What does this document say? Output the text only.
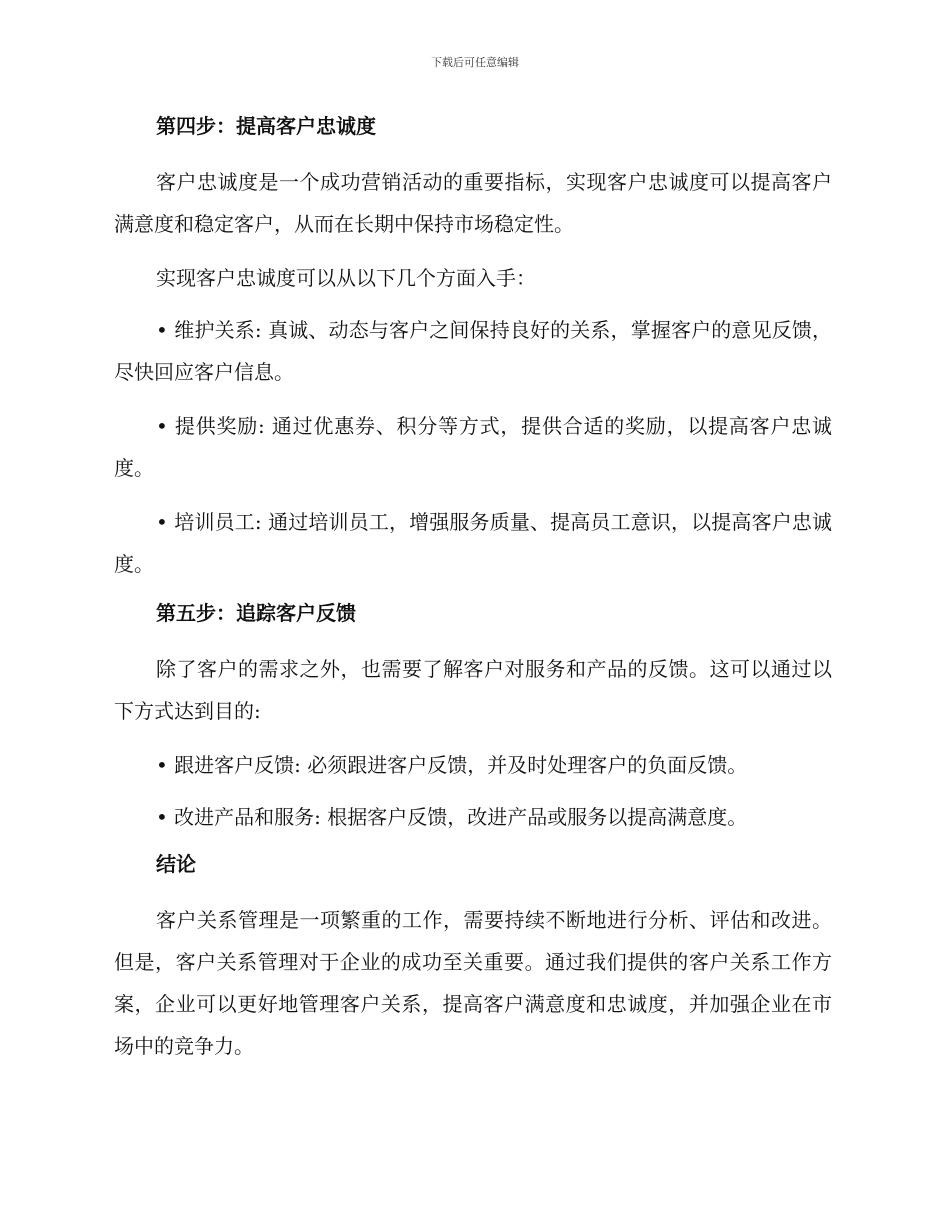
下载后可任意编辑
第四步：提高客户忠诚度

客户忠诚度是一个成功营销活动的重要指标，实现客户忠诚度可以提高客户满意度和稳定客户，从而在长期中保持市场稳定性。

实现客户忠诚度可以从以下几个方面入手：

• 维护关系: 真诚、动态与客户之间保持良好的关系，掌握客户的意见反馈，尽快回应客户信息。

• 提供奖励: 通过优惠券、积分等方式，提供合适的奖励，以提高客户忠诚度。

• 培训员工: 通过培训员工，增强服务质量、提高员工意识，以提高客户忠诚度。

第五步：追踪客户反馈

除了客户的需求之外，也需要了解客户对服务和产品的反馈。这可以通过以下方式达到目的:

• 跟进客户反馈: 必须跟进客户反馈，并及时处理客户的负面反馈。

• 改进产品和服务: 根据客户反馈，改进产品或服务以提高满意度。

结论

客户关系管理是一项繁重的工作，需要持续不断地进行分析、评估和改进。但是，客户关系管理对于企业的成功至关重要。通过我们提供的客户关系工作方案，企业可以更好地管理客户关系，提高客户满意度和忠诚度，并加强企业在市场中的竞争力。
